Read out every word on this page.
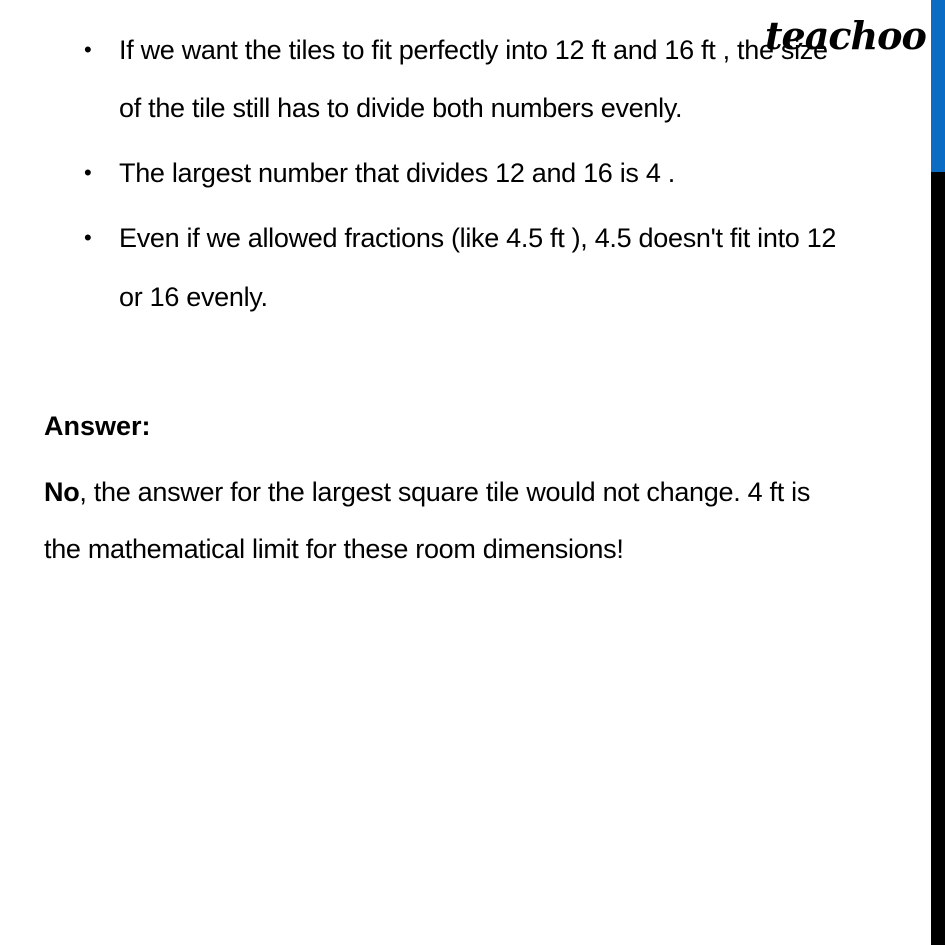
• If we want the tiles to fit perfectly into 12 ft and 16 ft , the size
of the tile still has to divide both numbers evenly.
• The largest number that divides 12 and 16 is 4 .
• Even if we allowed fractions (like 4.5 ft ), 4.5 doesn't fit into 12
or 16 evenly.
Answer:
No, the answer for the largest square tile would not change. 4 ft is
the mathematical limit for these room dimensions!
teachoo
